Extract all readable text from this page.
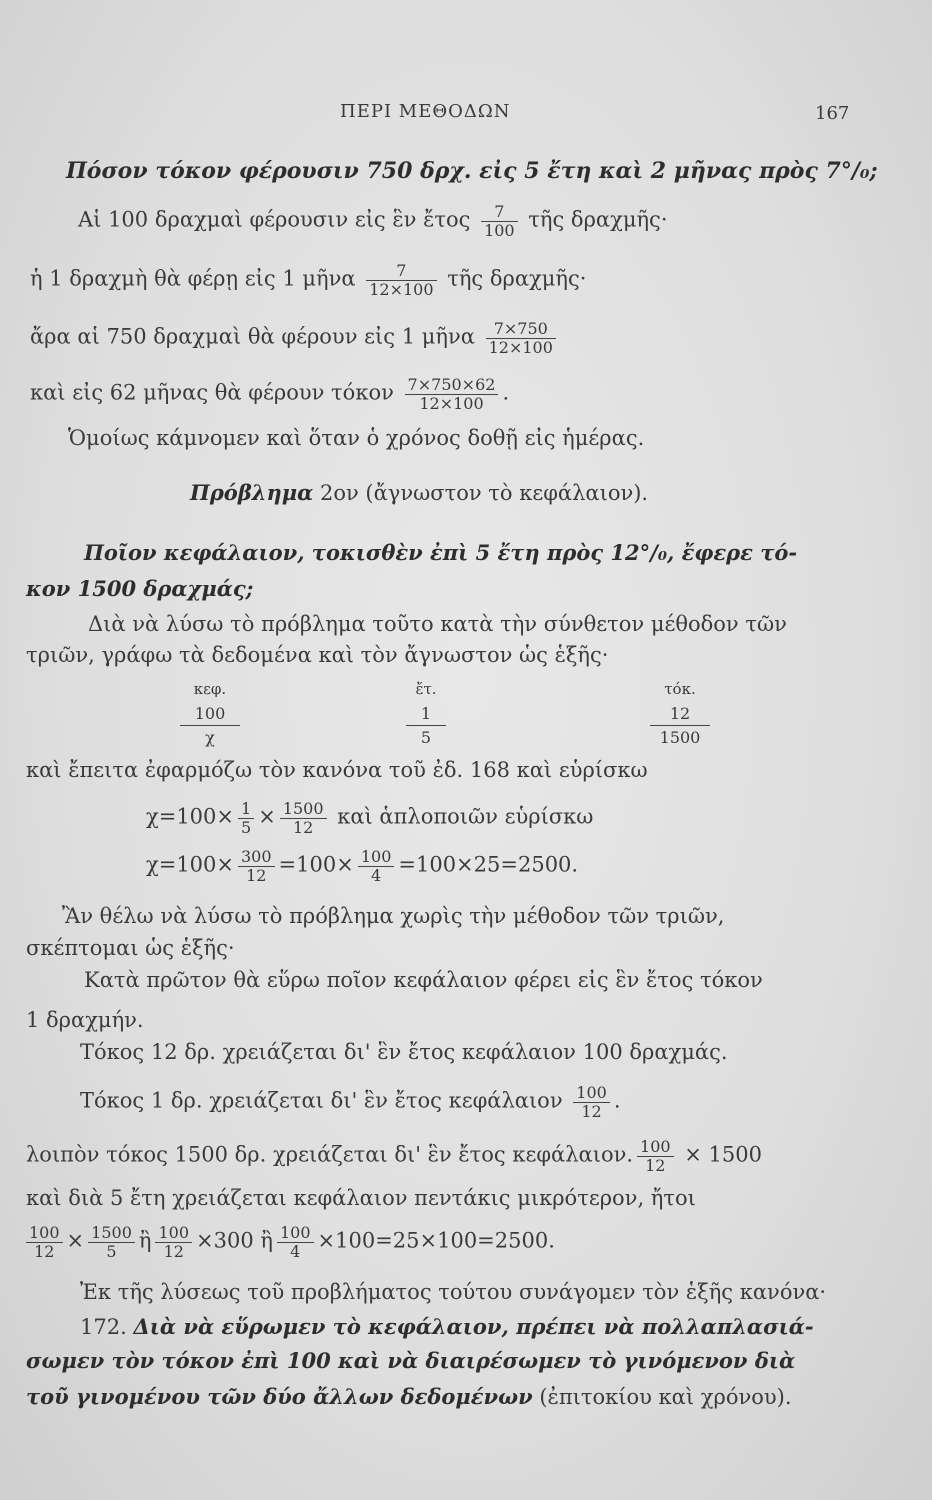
ΠΕΡΙ ΜΕΘΟΔΩΝ	167
Πόσον τόκον φέρουσιν 750 δρχ. εἰς 5 ἔτη καὶ 2 μῆνας πρὸς 7°/₀;
Αἱ 100 δραχμαὶ φέρουσιν εἰς ἓν ἔτος $\frac{7}{100}$ τῆς δραχμῆς·
ἡ 1 δραχμὴ θὰ φέρῃ εἰς 1 μῆνα $\frac{7}{12\times 100}$ τῆς δραχμῆς·
ἄρα αἱ 750 δραχμαὶ θὰ φέρουν εἰς 1 μῆνα $\frac{7\times 750}{12\times 100}$
καὶ εἰς 62 μῆνας θὰ φέρουν τόκον $\frac{7\times 750\times 62}{12\times 100}$ .
Ὁμοίως κάμνομεν καὶ ὅταν ὁ χρόνος δοθῇ εἰς ἡμέρας.
Πρόβλημα 2ον (ἄγνωστον τὸ κεφάλαιον).
Ποῖον κεφάλαιον, τοκισθὲν ἐπὶ 5 ἔτη πρὸς 12°/₀, ἔφερε τό-
κον 1500 δραχμάς;
Διὰ νὰ λύσω τὸ πρόβλημα τοῦτο κατὰ τὴν σύνθετον μέθοδον τῶν
τριῶν, γράφω τὰ δεδομένα καὶ τὸν ἄγνωστον ὡς ἑξῆς·
κεφ.
100
χ
ἔτ.
1
5
τόκ.
12
1500
καὶ ἔπειτα ἐφαρμόζω τὸν κανόνα τοῦ ἐδ. 168 καὶ εὑρίσκω
$\chi=100\times \frac{1}{5} \times \frac{1500}{12}$ καὶ ἁπλοποιῶν εὑρίσκω
$\chi=100\times \frac{300}{12} =100\times \frac{100}{4} =100\times 25=2500$.
Ἂν θέλω νὰ λύσω τὸ πρόβλημα χωρὶς τὴν μέθοδον τῶν τριῶν,
σκέπτομαι ὡς ἑξῆς·
Κατὰ πρῶτον θὰ εὕρω ποῖον κεφάλαιον φέρει εἰς ἓν ἔτος τόκον
1 δραχμήν.
Τόκος 12 δρ. χρειάζεται δι' ἓν ἔτος κεφάλαιον 100 δραχμάς.
Τόκος 1 δρ. χρειάζεται δι' ἓν ἔτος κεφάλαιον $\frac{100}{12}$ .
λοιπὸν τόκος 1500 δρ. χρειάζεται δι' ἓν ἔτος κεφάλαιον. $\frac{100}{12} \times 1500$
καὶ διὰ 5 ἔτη χρειάζεται κεφάλαιον πεντάκις μικρότερον, ἤτοι
$\frac{100}{12} \times \frac{1500}{5}$ ἢ $\frac{100}{12} \times 300$ ἢ $\frac{100}{4} \times 100=25\times 100=2500$.
Ἐκ τῆς λύσεως τοῦ προβλήματος τούτου συνάγομεν τὸν ἑξῆς κανόνα·
172. Διὰ νὰ εὕρωμεν τὸ κεφάλαιον, πρέπει νὰ πολλαπλασιά-
σωμεν τὸν τόκον ἐπὶ 100 καὶ νὰ διαιρέσωμεν τὸ γινόμενον διὰ
τοῦ γινομένου τῶν δύο ἄλλων δεδομένων (ἐπιτοκίου καὶ χρόνου).
